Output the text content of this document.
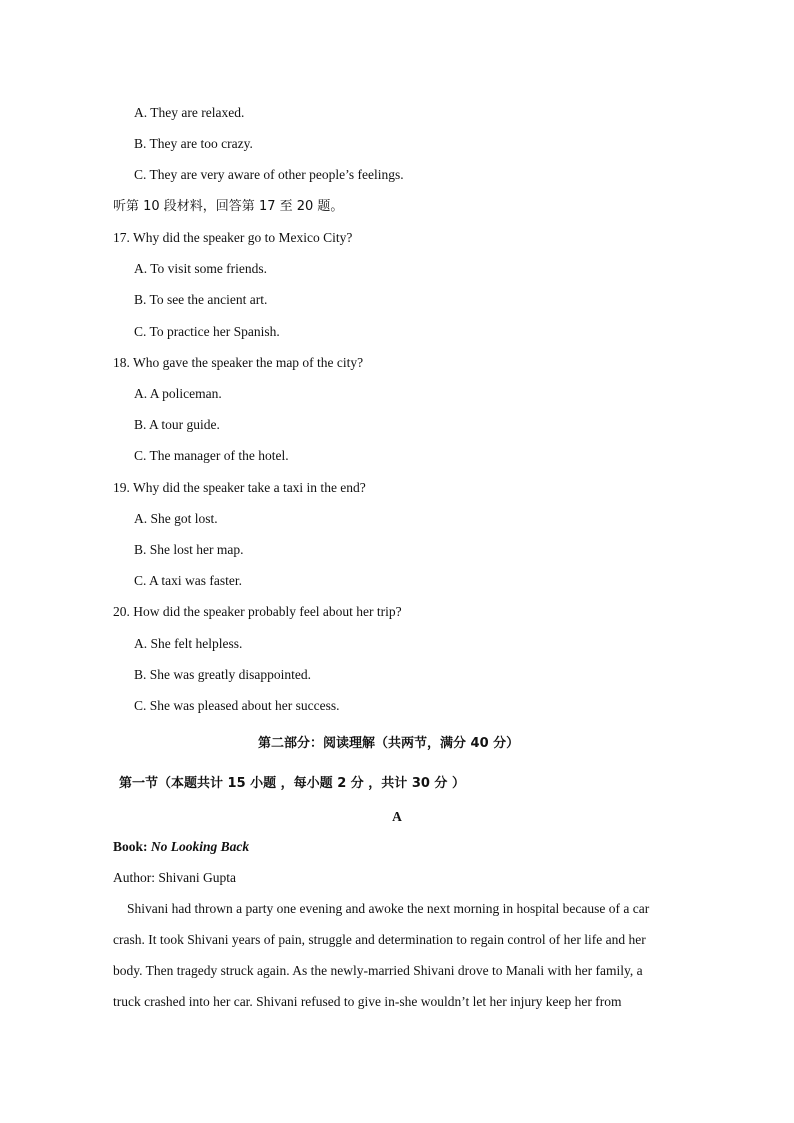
A. They are relaxed.
B. They are too crazy.
C. They are very aware of other people’s feelings.
听第 10 段材料，回答第 17 至 20 题。
17. Why did the speaker go to Mexico City?
A. To visit some friends.
B. To see the ancient art.
C. To practice her Spanish.
18. Who gave the speaker the map of the city?
A. A policeman.
B. A tour guide.
C. The manager of the hotel.
19. Why did the speaker take a taxi in the end?
A. She got lost.
B. She lost her map.
C. A taxi was faster.
20. How did the speaker probably feel about her trip?
A. She felt helpless.
B. She was greatly disappointed.
C. She was pleased about her success.
第二部分：阅读理解（共两节，满分 40 分）
第一节（本题共计 15 小题 ，每小题 2 分 ，共计 30 分 ）
A
Book: No Looking Back
Author: Shivani Gupta
Shivani had thrown a party one evening and awoke the next morning in hospital because of a car
crash. It took Shivani years of pain, struggle and determination to regain control of her life and her
body. Then tragedy struck again. As the newly-married Shivani drove to Manali with her family, a
truck crashed into her car. Shivani refused to give in-she wouldn’t let her injury keep her from
